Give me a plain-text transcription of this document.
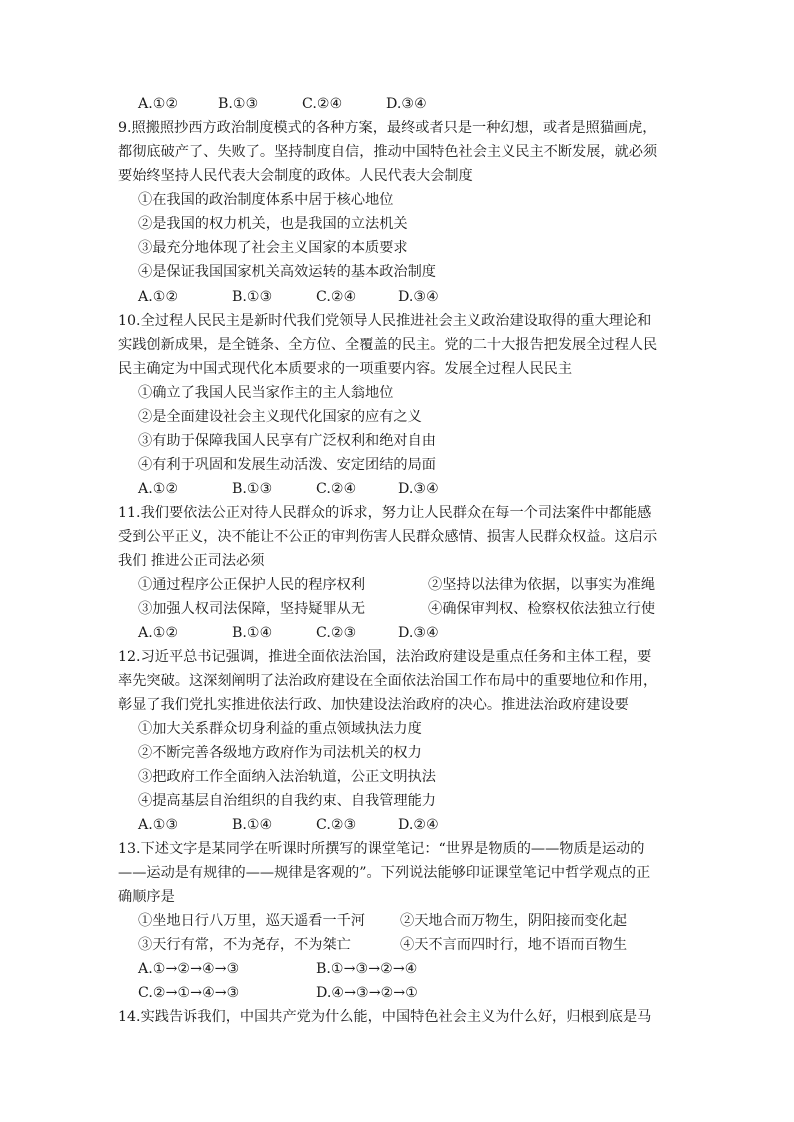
A.①②	B.①③	C.②④	D.③④
9.照搬照抄西方政治制度模式的各种方案，最终或者只是一种幻想，或者是照猫画虎，
都彻底破产了、失败了。坚持制度自信，推动中国特色社会主义民主不断发展，就必须
要始终坚持人民代表大会制度的政体。人民代表大会制度
①在我国的政治制度体系中居于核心地位
②是我国的权力机关，也是我国的立法机关
③最充分地体现了社会主义国家的本质要求
④是保证我国国家机关高效运转的基本政治制度
A.①②	B.①③	C.②④	D.③④
10.全过程人民民主是新时代我们党领导人民推进社会主义政治建设取得的重大理论和
实践创新成果，是全链条、全方位、全覆盖的民主。党的二十大报告把发展全过程人民
民主确定为中国式现代化本质要求的一项重要内容。发展全过程人民民主
①确立了我国人民当家作主的主人翁地位
②是全面建设社会主义现代化国家的应有之义
③有助于保障我国人民享有广泛权利和绝对自由
④有利于巩固和发展生动活泼、安定团结的局面
A.①②	B.①③	C.②④	D.③④
11.我们要依法公正对待人民群众的诉求，努力让人民群众在每一个司法案件中都能感
受到公平正义，决不能让不公正的审判伤害人民群众感情、损害人民群众权益。这启示
我们 推进公正司法必须
①通过程序公正保护人民的程序权利	②坚持以法律为依据，以事实为准绳
③加强人权司法保障，坚持疑罪从无	④确保审判权、检察权依法独立行使
A.①②	B.①④	C.②③	D.③④
12.习近平总书记强调，推进全面依法治国，法治政府建设是重点任务和主体工程，要
率先突破。这深刻阐明了法治政府建设在全面依法治国工作布局中的重要地位和作用，
彰显了我们党扎实推进依法行政、加快建设法治政府的决心。推进法治政府建设要
①加大关系群众切身利益的重点领域执法力度
②不断完善各级地方政府作为司法机关的权力
③把政府工作全面纳入法治轨道，公正文明执法
④提高基层自治组织的自我约束、自我管理能力
A.①③	B.①④	C.②③	D.②④
13.下述文字是某同学在听课时所撰写的课堂笔记：“世界是物质的——物质是运动的
——运动是有规律的——规律是客观的”。下列说法能够印证课堂笔记中哲学观点的正
确顺序是
①坐地日行八万里，巡天遥看一千河	②天地合而万物生，阴阳接而变化起
③天行有常，不为尧存，不为桀亡	④天不言而四时行，地不语而百物生
A.①→②→④→③	B.①→③→②→④
C.②→①→④→③	D.④→③→②→①
14.实践告诉我们，中国共产党为什么能，中国特色社会主义为什么好，归根到底是马
